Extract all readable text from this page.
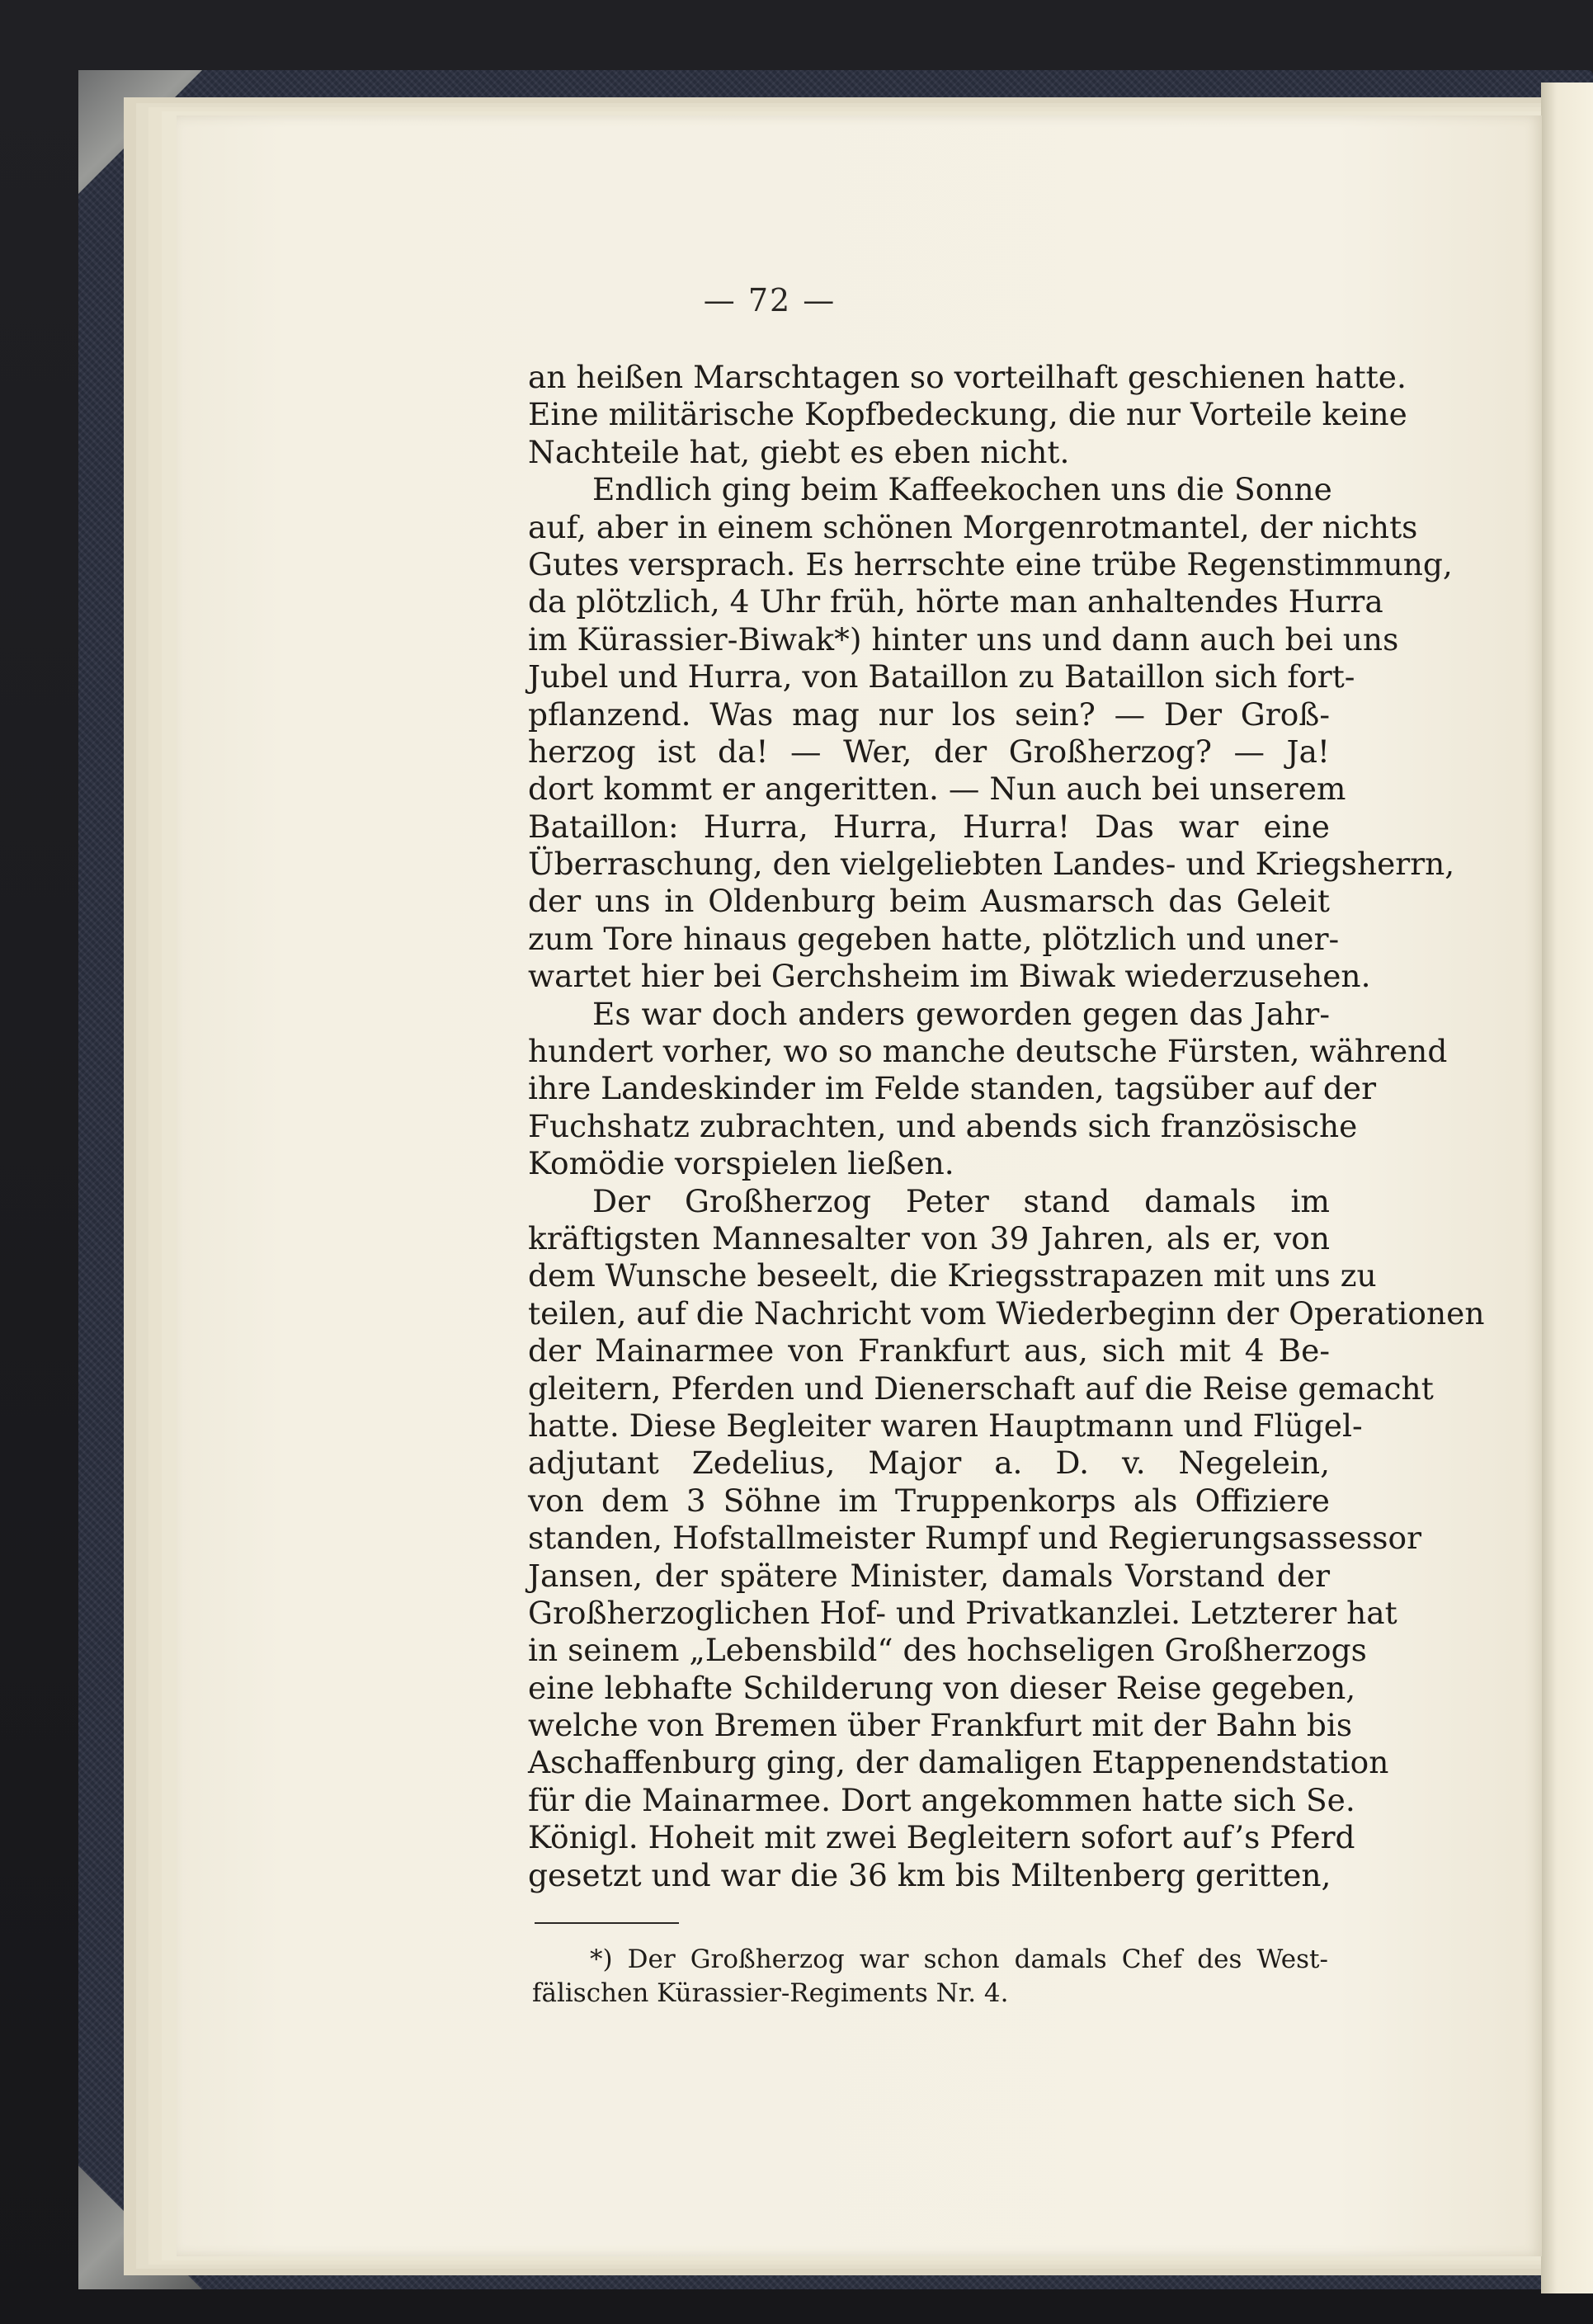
— 72 —
an heißen Marschtagen so vorteilhaft geschienen hatte.
Eine militärische Kopfbedeckung, die nur Vorteile keine
Nachteile hat, giebt es eben nicht.
Endlich ging beim Kaffeekochen uns die Sonne
auf, aber in einem schönen Morgenrotmantel, der nichts
Gutes versprach. Es herrschte eine trübe Regenstimmung,
da plötzlich, 4 Uhr früh, hörte man anhaltendes Hurra
im Kürassier-Biwak*) hinter uns und dann auch bei uns
Jubel und Hurra, von Bataillon zu Bataillon sich fort-
pflanzend. Was mag nur los sein? — Der Groß-
herzog ist da! — Wer, der Großherzog? — Ja!
dort kommt er angeritten. — Nun auch bei unserem
Bataillon: Hurra, Hurra, Hurra! Das war eine
Überraschung, den vielgeliebten Landes- und Kriegsherrn,
der uns in Oldenburg beim Ausmarsch das Geleit
zum Tore hinaus gegeben hatte, plötzlich und uner-
wartet hier bei Gerchsheim im Biwak wiederzusehen.
Es war doch anders geworden gegen das Jahr-
hundert vorher, wo so manche deutsche Fürsten, während
ihre Landeskinder im Felde standen, tagsüber auf der
Fuchshatz zubrachten, und abends sich französische
Komödie vorspielen ließen.
Der Großherzog Peter stand damals im
kräftigsten Mannesalter von 39 Jahren, als er, von
dem Wunsche beseelt, die Kriegsstrapazen mit uns zu
teilen, auf die Nachricht vom Wiederbeginn der Operationen
der Mainarmee von Frankfurt aus, sich mit 4 Be-
gleitern, Pferden und Dienerschaft auf die Reise gemacht
hatte. Diese Begleiter waren Hauptmann und Flügel-
adjutant Zedelius, Major a. D. v. Negelein,
von dem 3 Söhne im Truppenkorps als Offiziere
standen, Hofstallmeister Rumpf und Regierungsassessor
Jansen, der spätere Minister, damals Vorstand der
Großherzoglichen Hof- und Privatkanzlei. Letzterer hat
in seinem „Lebensbild“ des hochseligen Großherzogs
eine lebhafte Schilderung von dieser Reise gegeben,
welche von Bremen über Frankfurt mit der Bahn bis
Aschaffenburg ging, der damaligen Etappenendstation
für die Mainarmee. Dort angekommen hatte sich Se.
Königl. Hoheit mit zwei Begleitern sofort auf’s Pferd
gesetzt und war die 36 km bis Miltenberg geritten,
*) Der Großherzog war schon damals Chef des West-
fälischen Kürassier-Regiments Nr. 4.
